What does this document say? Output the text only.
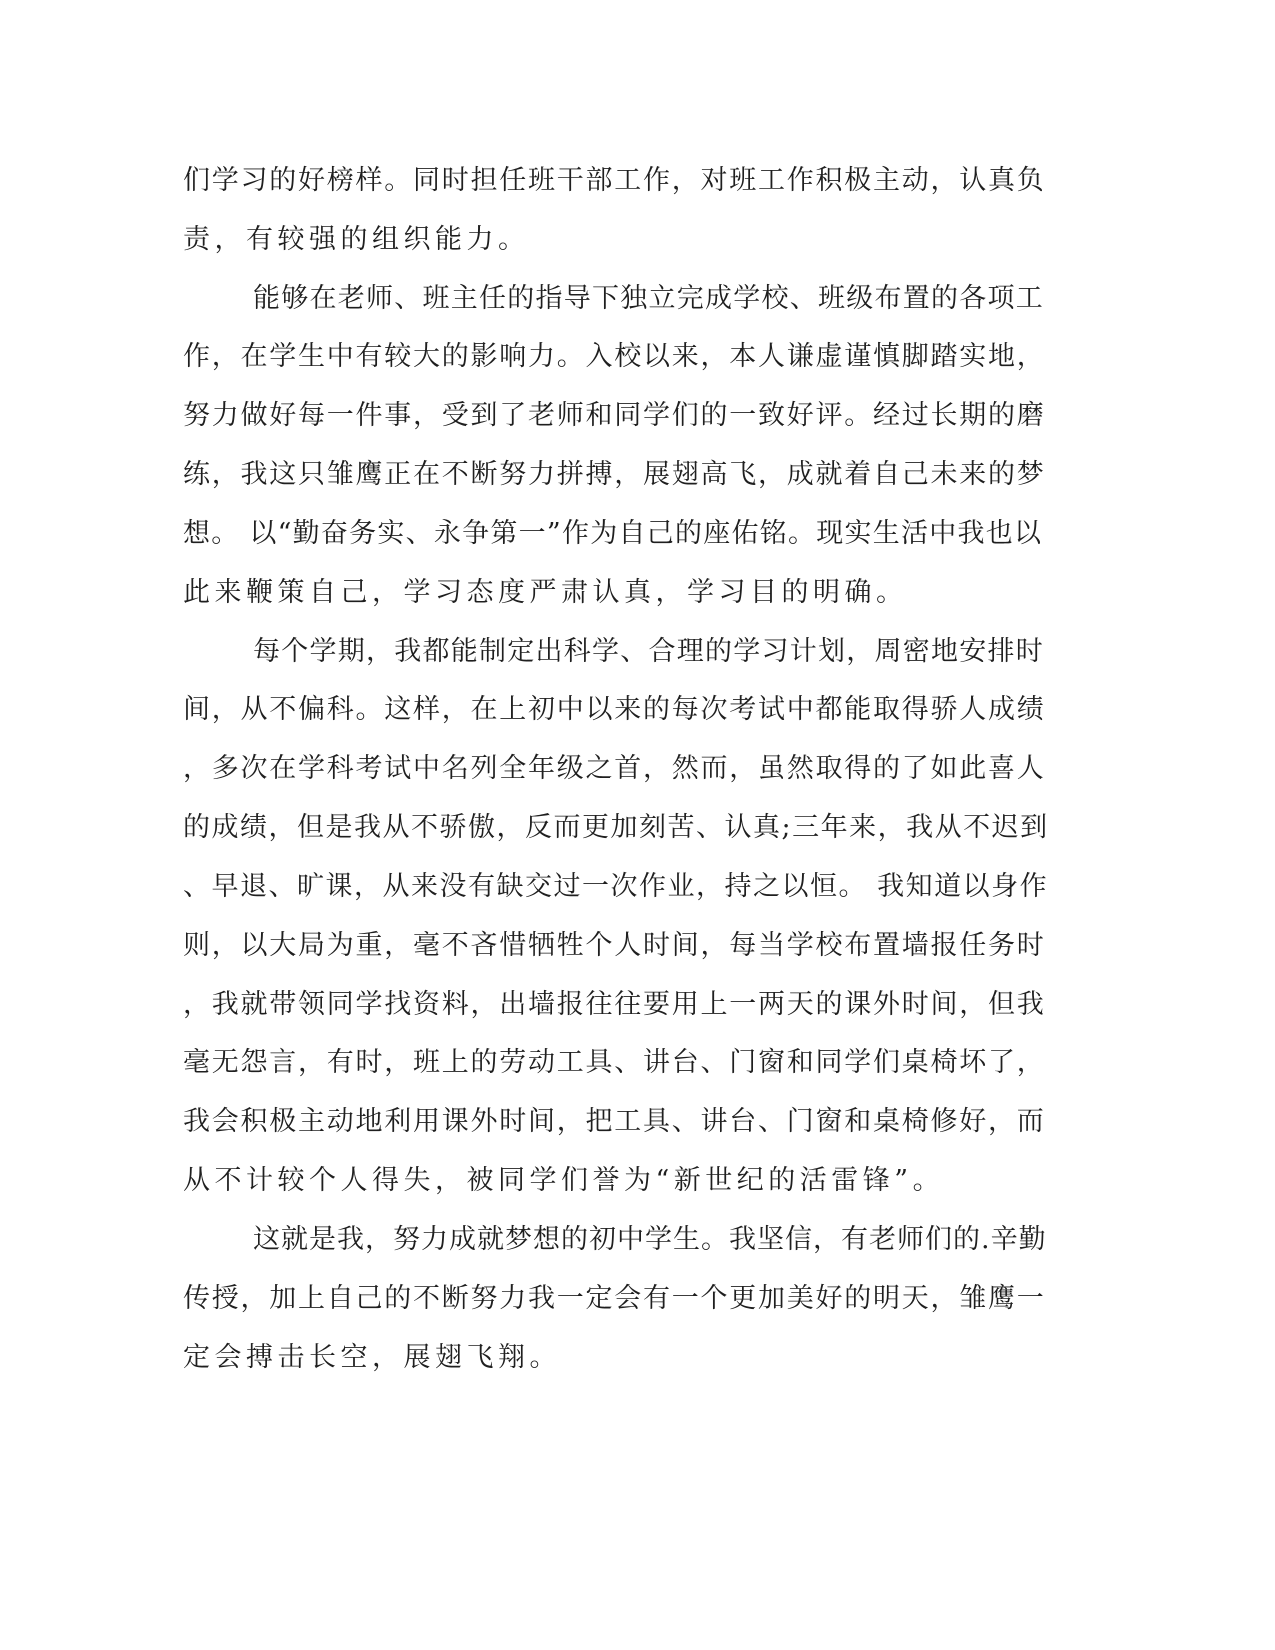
们学习的好榜样。同时担任班干部工作，对班工作积极主动，认真负

责，有较强的组织能力。

能够在老师、班主任的指导下独立完成学校、班级布置的各项工

作，在学生中有较大的影响力。入校以来，本人谦虚谨慎脚踏实地，

努力做好每一件事，受到了老师和同学们的一致好评。经过长期的磨

练，我这只雏鹰正在不断努力拼搏，展翅高飞，成就着自己未来的梦

想。 以“勤奋务实、永争第一”作为自己的座佑铭。现实生活中我也以

此来鞭策自己，学习态度严肃认真，学习目的明确。

每个学期，我都能制定出科学、合理的学习计划，周密地安排时

间，从不偏科。这样，在上初中以来的每次考试中都能取得骄人成绩

，多次在学科考试中名列全年级之首，然而，虽然取得的了如此喜人

的成绩，但是我从不骄傲，反而更加刻苦、认真;三年来，我从不迟到

、早退、旷课，从来没有缺交过一次作业，持之以恒。 我知道以身作

则，以大局为重，毫不吝惜牺牲个人时间，每当学校布置墙报任务时

，我就带领同学找资料，出墙报往往要用上一两天的课外时间，但我

毫无怨言，有时，班上的劳动工具、讲台、门窗和同学们桌椅坏了，

我会积极主动地利用课外时间，把工具、讲台、门窗和桌椅修好，而

从不计较个人得失，被同学们誉为“新世纪的活雷锋”。

这就是我，努力成就梦想的初中学生。我坚信，有老师们的.辛勤

传授，加上自己的不断努力我一定会有一个更加美好的明天，雏鹰一

定会搏击长空，展翅飞翔。
